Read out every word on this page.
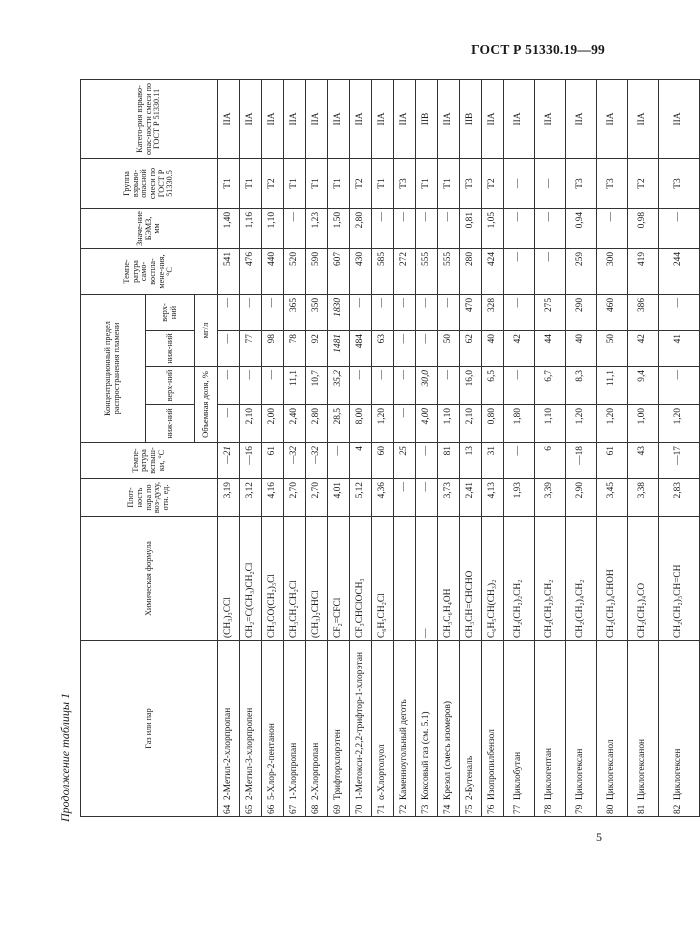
ГОСТ Р 51330.19—99
Продолжение таблицы 1
5
Газ или пар	Химическая формула	Плот-ность пара по воз-духу, отн. ед.	Темпе-ратура вспыш-ки, °С	Концентрационный предел распространения пламени				Темпе-ратура само-воспла-мене-ния, °С	Значе-ние БЭМЗ, мм	Группа взрыво-опасной смеси по ГОСТ Р 51330.5	Катего-рия взрыво-опас-ности смеси по ГОСТ Р 51330.11
				ниж-ний	верх-ний	ниж-ний	верх-ний				
				Объемная доля, %		мг/л					
642-Метил-2-хлорпропан	(CH₃)₃CCl	3,19	—21	—	—	—	—	541	1,40	T1	IIA
652-Метил-3-хлорпропен	CH₂=C(CH₃)CH₂Cl	3,12	—16	2,10	—	77	—	476	1,16	T1	IIA
665-Хлор-2-пентанон	CH₃CO(CH₂)₃Cl	4,16	61	2,00	—	98	—	440	1,10	T2	IIA
671-Хлорпропан	CH₃CH₂CH₂Cl	2,70	—32	2,40	11,1	78	365	520	—	T1	IIA
682-Хлорпропан	(CH₃)₂CHCl	2,70	—32	2,80	10,7	92	350	590	1,23	T1	IIA
69Трифторхлорэтен	CF₂=CFCl	4,01	—	28,5	35,2	1481	1830	607	1,50	T1	IIA
701-Метокси-2,2,2-трифтор-1-хлорэтан	CF₃CHClOCH₃	5,12	4	8,00	—	484	—	430	2,80	T2	IIA
71α-Хлортолуол	C₆H₅CH₂Cl	4,36	60	1,20	—	63	—	585	—	T1	IIA
72Каменноугольный деготь		—	25	—	—	—	—	272	—	T3	IIA
73Коксовый газ (см. 5.1)	—	—	—	4,00	30,0	—	—	555	—	T1	IIB
74Крезол (смесь изомеров)	CH₃C₆H₄OH	3,73	81	1,10	—	50	—	555	—	T1	IIA
752-Бутеналь	CH₃CH=CHCHO	2,41	13	2,10	16,0	62	470	280	0,81	T3	IIB
76Изопропилбензол	C₆H₅CH(CH₃)₂	4,13	31	0,80	6,5	40	328	424	1,05	T2	IIA
77Циклобутан	CH₂(CH₂)₂CH₂	1,93	—	1,80	—	42	—	—	—	—	IIA
78Циклогептан	CH₂(CH₂)₅CH₂	3,39	6	1,10	6,7	44	275	—	—	—	IIA
79Циклогексан	CH₂(CH₂)₄CH₂	2,90	—18	1,20	8,3	40	290	259	0,94	T3	IIA
80Циклогексанол	CH₂(CH₂)₄CHOH	3,45	61	1,20	11,1	50	460	300	—	T3	IIA
81Циклогексанон	CH₂(CH₂)₄CO	3,38	43	1,00	9,4	42	386	419	0,98	T2	IIA
82Циклогексен	CH₂(CH₂)₃CH=CH	2,83	—17	1,20	—	41	—	244	—	T3	IIA
